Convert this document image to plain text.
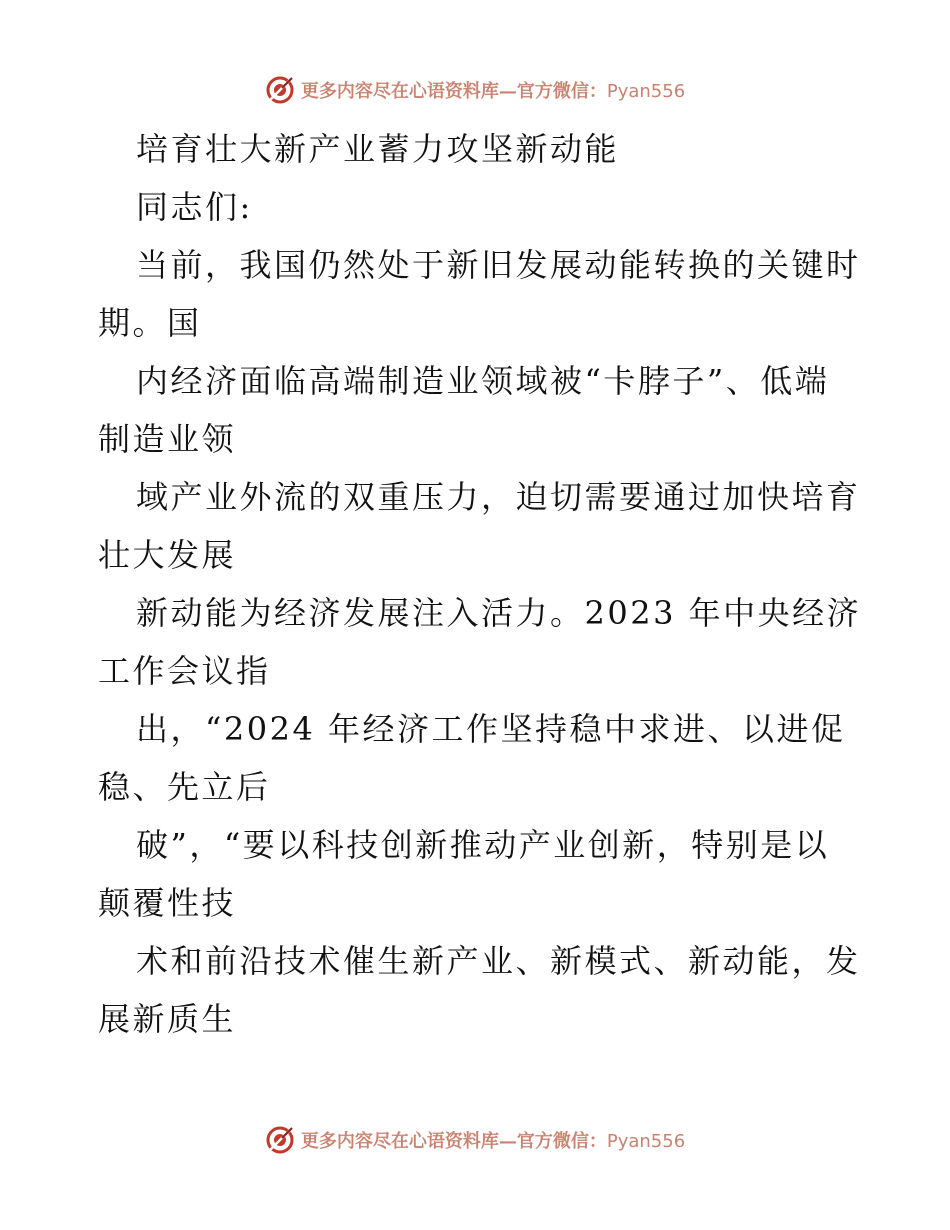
更多内容尽在心语资料库—官方微信：Pyan556
培育壮大新产业蓄力攻坚新动能
同志们:
当前，我国仍然处于新旧发展动能转换的关键时
期。国
内经济面临高端制造业领域被“卡脖子”、低端
制造业领
域产业外流的双重压力，迫切需要通过加快培育
壮大发展
新动能为经济发展注入活力。2023 年中央经济
工作会议指
出，“2024 年经济工作坚持稳中求进、以进促
稳、先立后
破”，“要以科技创新推动产业创新，特别是以
颠覆性技
术和前沿技术催生新产业、新模式、新动能，发
展新质生
更多内容尽在心语资料库—官方微信：Pyan556
